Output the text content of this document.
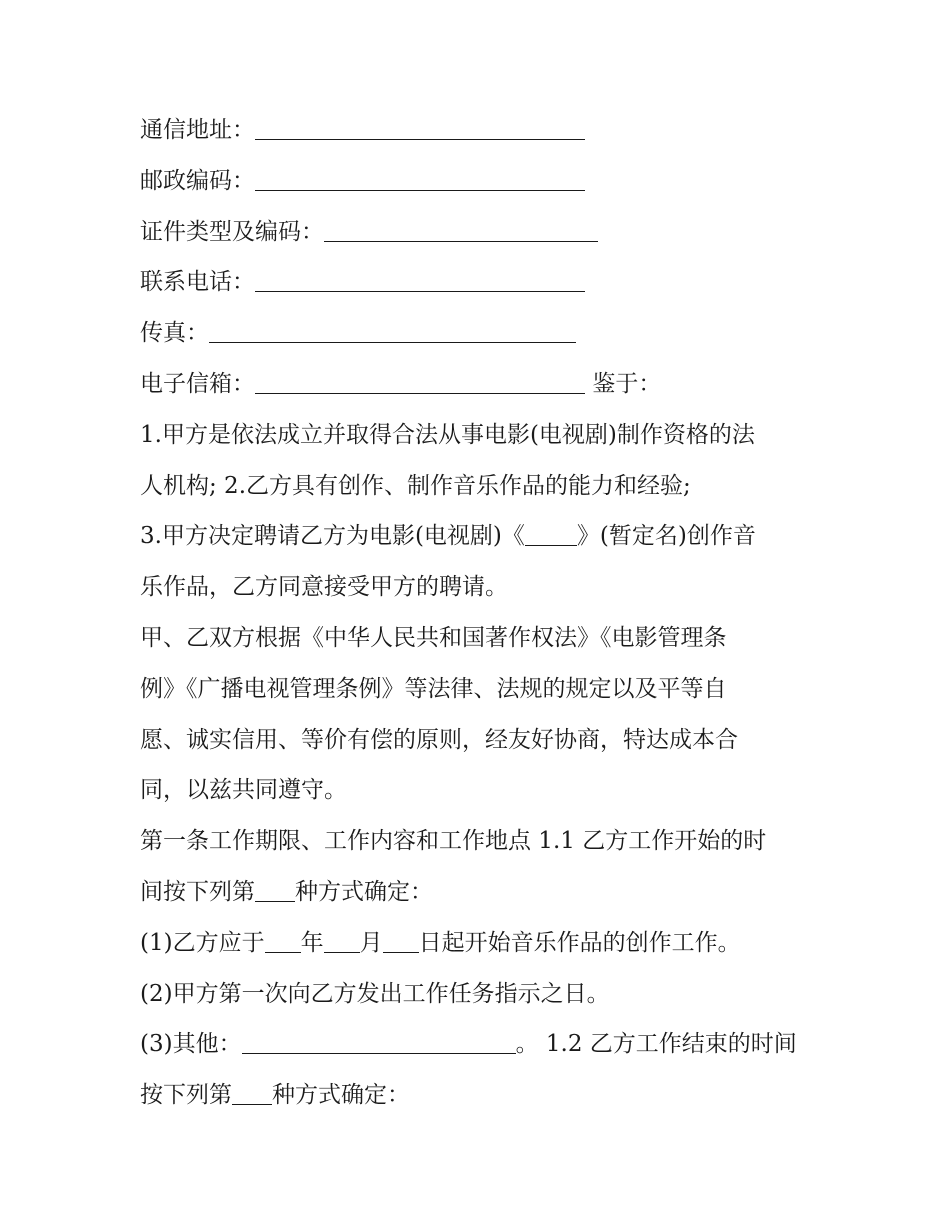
通信地址：

邮政编码：

证件类型及编码：

联系电话：

传真：

电子信箱：	鉴于：

1.甲方是依法成立并取得合法从事电影(电视剧)制作资格的法

人机构; 2.乙方具有创作、制作音乐作品的能力和经验;

3.甲方决定聘请乙方为电影(电视剧)《 》(暂定名)创作音

乐作品，乙方同意接受甲方的聘请。

甲、乙双方根据《中华人民共和国著作权法》《电影管理条

例》《广播电视管理条例》等法律、法规的规定以及平等自

愿、诚实信用、等价有偿的原则，经友好协商，特达成本合

同，以兹共同遵守。

第一条工作期限、工作内容和工作地点 1.1 乙方工作开始的时

间按下列第 种方式确定：

(1)乙方应于 年 月 日起开始音乐作品的创作工作。

(2)甲方第一次向乙方发出工作任务指示之日。

(3)其他：	。 1.2 乙方工作结束的时间

按下列第 种方式确定：
